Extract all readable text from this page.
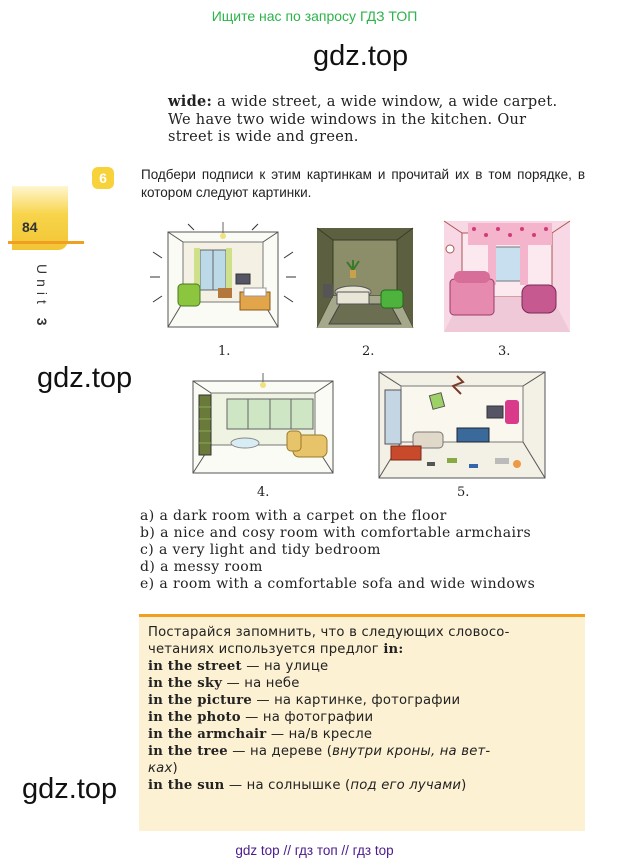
Ищите нас по запросу ГДЗ ТОП
gdz.top
gdz.top
gdz.top
wide: a wide street, a wide window, a wide carpet.
We have two wide windows in the kitchen. Our
street is wide and green.
84
Unit 3
6	Подбери подписи к этим картинкам и прочитай их в том порядке, в котором следуют картинки.
1.	2.	3.
4.	5.
a) a dark room with a carpet on the floor
b) a nice and cosy room with comfortable armchairs
c) a very light and tidy bedroom
d) a messy room
e) a room with a comfortable sofa and wide windows
Постарайся запомнить, что в следующих словосо-
четаниях используется предлог in:
in the street — на улице
in the sky — на небе
in the picture — на картинке, фотографии
in the photo — на фотографии
in the armchair — на/в кресле
in the tree — на дереве (внутри кроны, на вет-
ках)
in the sun — на солнышке (под его лучами)
gdz top // гдз топ // гдз top
